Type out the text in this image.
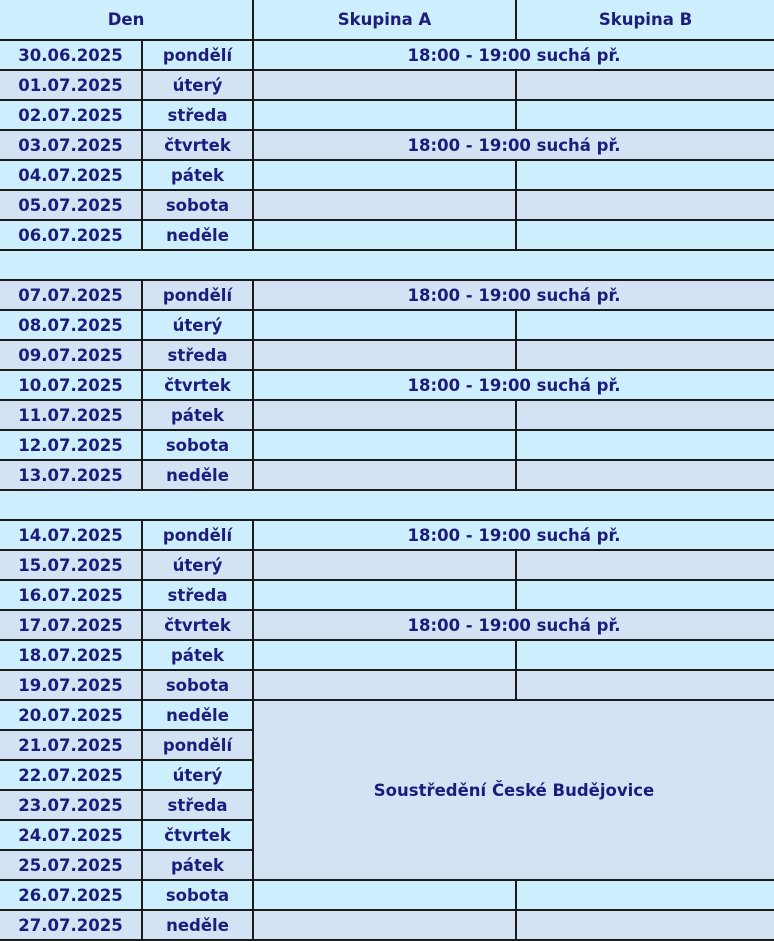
Den		Skupina A	Skupina B
30.06.2025	pondělí	18:00 - 19:00 suchá př.	
01.07.2025	úterý		
02.07.2025	středa		
03.07.2025	čtvrtek	18:00 - 19:00 suchá př.	
04.07.2025	pátek		
05.07.2025	sobota		
06.07.2025	neděle		

07.07.2025	pondělí	18:00 - 19:00 suchá př.	
08.07.2025	úterý		
09.07.2025	středa		
10.07.2025	čtvrtek	18:00 - 19:00 suchá př.	
11.07.2025	pátek		
12.07.2025	sobota		
13.07.2025	neděle		

14.07.2025	pondělí	18:00 - 19:00 suchá př.	
15.07.2025	úterý		
16.07.2025	středa		
17.07.2025	čtvrtek	18:00 - 19:00 suchá př.	
18.07.2025	pátek		
19.07.2025	sobota		
20.07.2025	neděle	Soustředění České Budějovice	
21.07.2025	pondělí		
22.07.2025	úterý		
23.07.2025	středa		
24.07.2025	čtvrtek		
25.07.2025	pátek		
26.07.2025	sobota		
27.07.2025	neděle		
